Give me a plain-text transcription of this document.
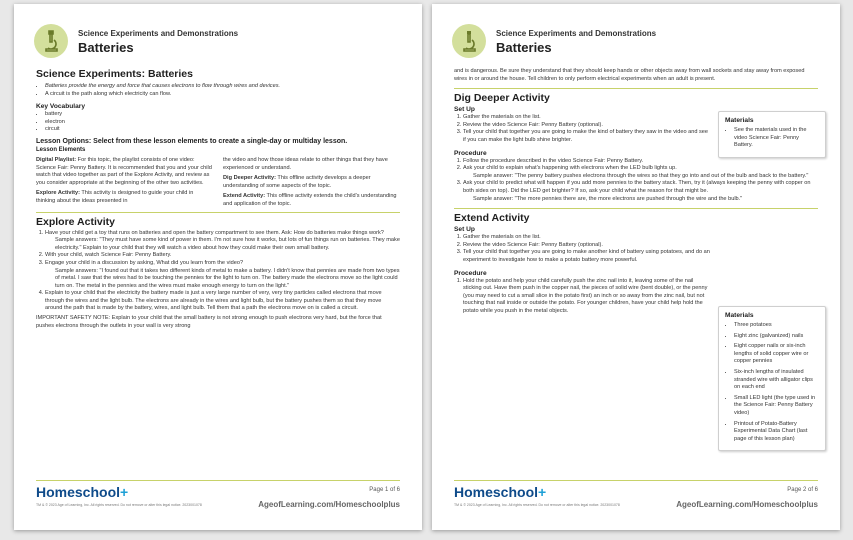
Science Experiments and Demonstrations
Batteries
Science Experiments: Batteries
• Batteries provide the energy and force that causes electrons to flow through wires and devices.
• A circuit is the path along which electricity can flow.
Key Vocabulary
• battery
• electron
• circuit
Lesson Options: Select from these lesson elements to create a single-day or multiday lesson.
Lesson Elements

Digital Playlist: For this topic, the playlist consists of one video: Science Fair: Penny Battery. It is recommended that you and your child watch that video together as part of the Explore Activity, and review as you consider appropriate at the beginning of the other two activities.

Explore Activity: This activity is designed to guide your child in thinking about the ideas presented in

the video and how those ideas relate to other things that they have experienced or understand.

Dig Deeper Activity: This offline activity develops a deeper understanding of some aspects of the topic.

Extend Activity: This offline activity extends the child's understanding and application of the topic.

Explore Activity
1. Have your child get a toy that runs on batteries and open the battery compartment to see them. Ask: How do batteries make things work?

Sample answers: "They must have some kind of power in them. I'm not sure how it works, but lots of fun things run on batteries. They make electricity." Explain to your child that they will watch a video about how they could make their own small battery.

2. With your child, watch Science Fair: Penny Battery.
3. Engage your child in a discussion by asking, What did you learn from the video?

Sample answers: "I found out that it takes two different kinds of metal to make a battery. I didn't know that pennies are made from two types of metal. I saw that the wires had to be touching the pennies for the light to turn on. The battery made the electrons move so the light could turn on. The metal in the pennies and the wires must make enough energy to turn on the light."

4. Explain to your child that the electricity the battery made is just a very large number of very, very tiny particles called electrons that move through the wires and the light bulb. The electrons are already in the wires and light bulb, but the battery pushes them so that they move around the path that is made by the battery, wires, and light bulb. Tell them that a path the electrons move on is called a circuit.

IMPORTANT SAFETY NOTE: Explain to your child that the small battery is not strong enough to push electrons very hard, but the force that pushes electrons through the outlets in your wall is very strong

Homeschool+
TM & © 2023 Age of Learning, Inc. All rights reserved. Do not remove or alter this legal notice. 2023001078
Page 1 of 6
AgeofLearning.com/Homeschoolplus
Science Experiments and Demonstrations
Batteries

and is dangerous. Be sure they understand that they should keep hands or other objects away from wall sockets and stay away from exposed wires in or around the house. Tell children to only perform electrical experiments when an adult is present.

Dig Deeper Activity
Set Up
1. Gather the materials on the list.
2. Review the video Science Fair: Penny Battery (optional).
3. Tell your child that together you are going to make the kind of battery they saw in the video and see if you can make the light bulb shine brighter.
Procedure
1. Follow the procedure described in the video Science Fair: Penny Battery.
2. Ask your child to explain what's happening with electrons when the LED bulb lights up.

Sample answer: "The penny battery pushes electrons through the wires so that they go into and out of the bulb and back to the battery."

3. Ask your child to predict what will happen if you add more pennies to the battery stack. Then, try it (always keeping the penny with copper on both sides on top). Did the LED get brighter? If so, ask your child what the reason for that might be.

Sample answer: "The more pennies there are, the more electrons are pushed through the wire and the bulb."

Extend Activity
Set Up
1. Gather the materials on the list.
2. Review the video Science Fair: Penny Battery (optional).
3. Tell your child that together you are going to make another kind of battery using potatoes, and do an experiment to investigate how to make a potato battery more powerful.
Procedure
1. Hold the potato and help your child carefully push the zinc nail into it, leaving some of the nail sticking out. Have them push in the copper nail, the pieces of solid wire (bent double), or the penny (you may need to cut a small slice in the potato first) an inch or so away from the zinc nail, but not touching that nail inside or outside the potato. For younger children, have your child help hold the potato while you push in the metal objects.
Materials
• See the materials used in the video Science Fair: Penny Battery.
Materials
• Three potatoes
• Eight zinc (galvanized) nails
• Eight copper nails or six-inch lengths of solid copper wire or copper pennies
• Six-inch lengths of insulated stranded wire with alligator clips on each end
• Small LED light (the type used in the Science Fair: Penny Battery video)
• Printout of Potato-Battery Experimental Data Chart (last page of this lesson plan)
Homeschool+
TM & © 2023 Age of Learning, Inc. All rights reserved. Do not remove or alter this legal notice. 2023001078
Page 2 of 6
AgeofLearning.com/Homeschoolplus
